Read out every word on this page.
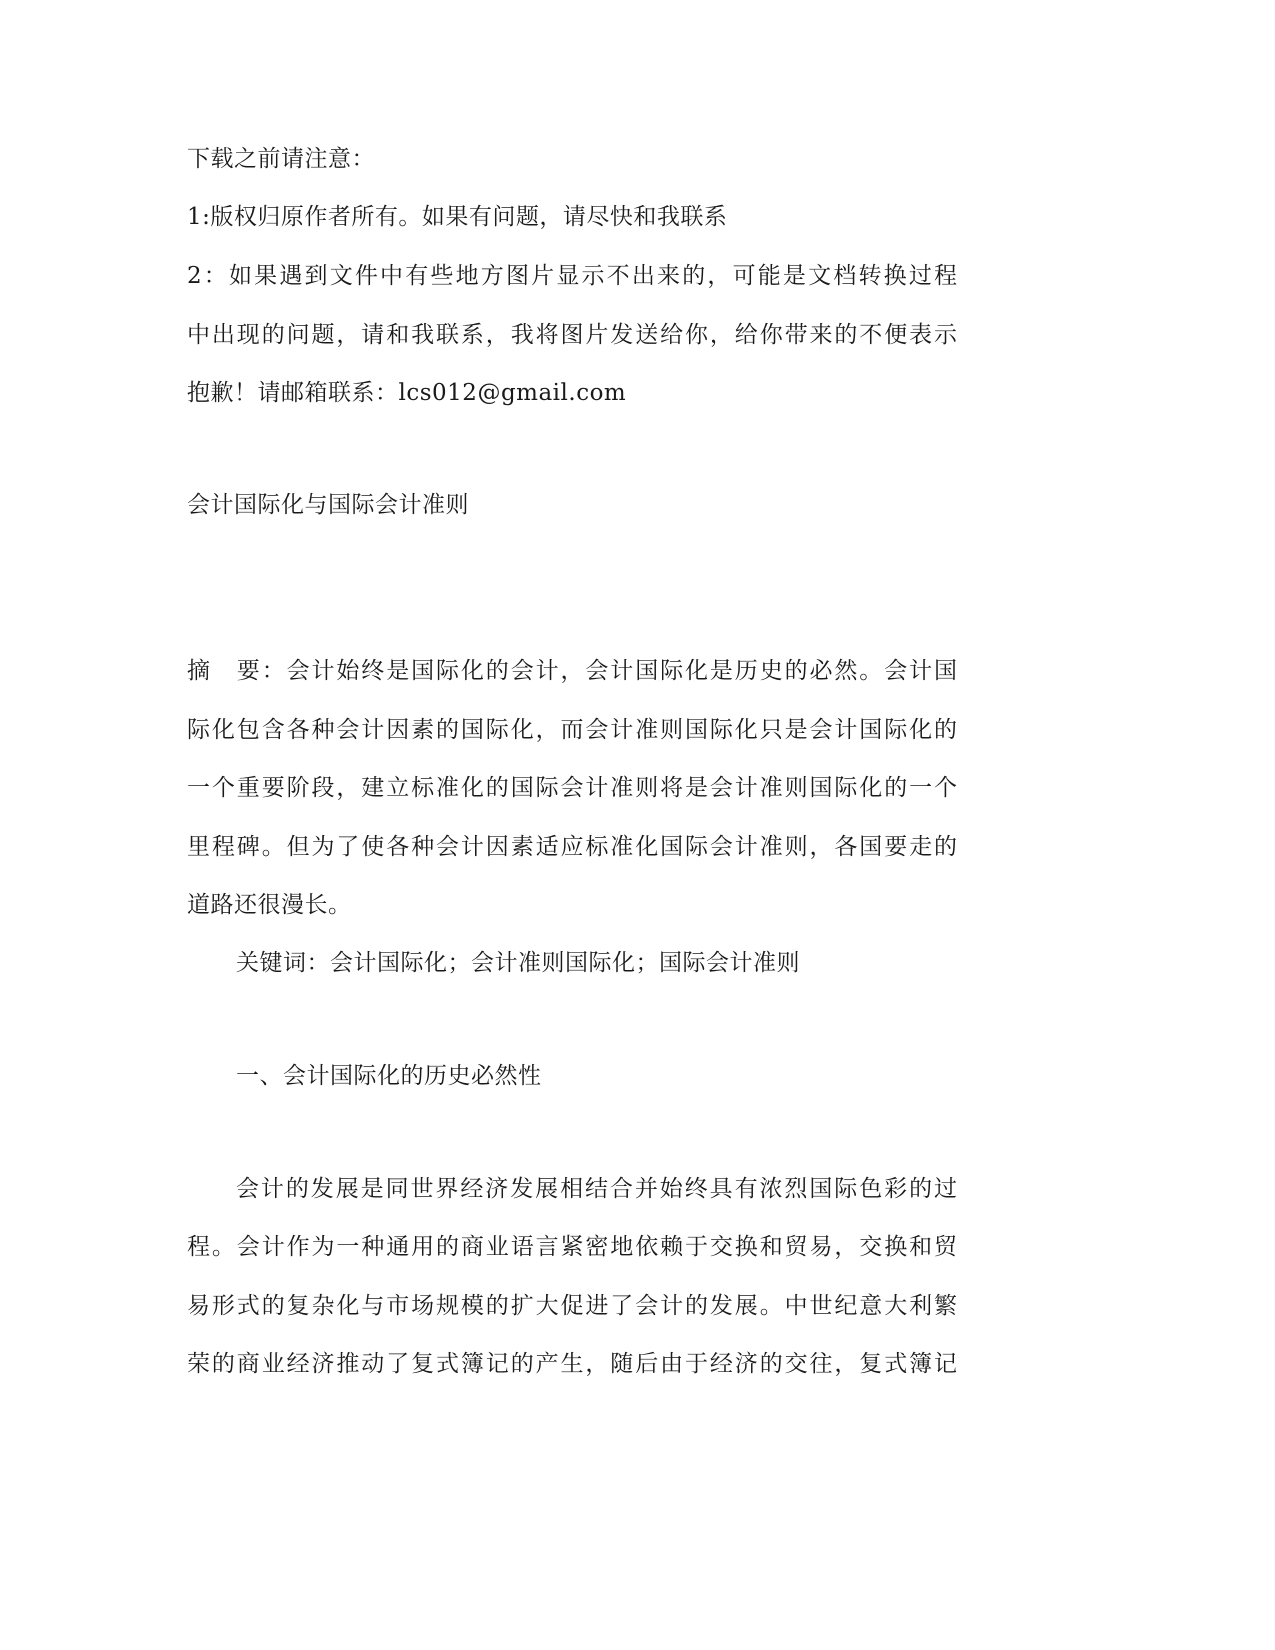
下载之前请注意：
1:版权归原作者所有。如果有问题，请尽快和我联系
2：如果遇到文件中有些地方图片显示不出来的，可能是文档转换过程
中出现的问题，请和我联系，我将图片发送给你，给你带来的不便表示
抱歉！请邮箱联系：lcs012@gmail.com
会计国际化与国际会计准则
摘　要：会计始终是国际化的会计，会计国际化是历史的必然。会计国
际化包含各种会计因素的国际化，而会计准则国际化只是会计国际化的
一个重要阶段，建立标准化的国际会计准则将是会计准则国际化的一个
里程碑。但为了使各种会计因素适应标准化国际会计准则，各国要走的
道路还很漫长。
关键词：会计国际化；会计准则国际化；国际会计准则
一、会计国际化的历史必然性
会计的发展是同世界经济发展相结合并始终具有浓烈国际色彩的过
程。会计作为一种通用的商业语言紧密地依赖于交换和贸易，交换和贸
易形式的复杂化与市场规模的扩大促进了会计的发展。中世纪意大利繁
荣的商业经济推动了复式簿记的产生，随后由于经济的交往，复式簿记
